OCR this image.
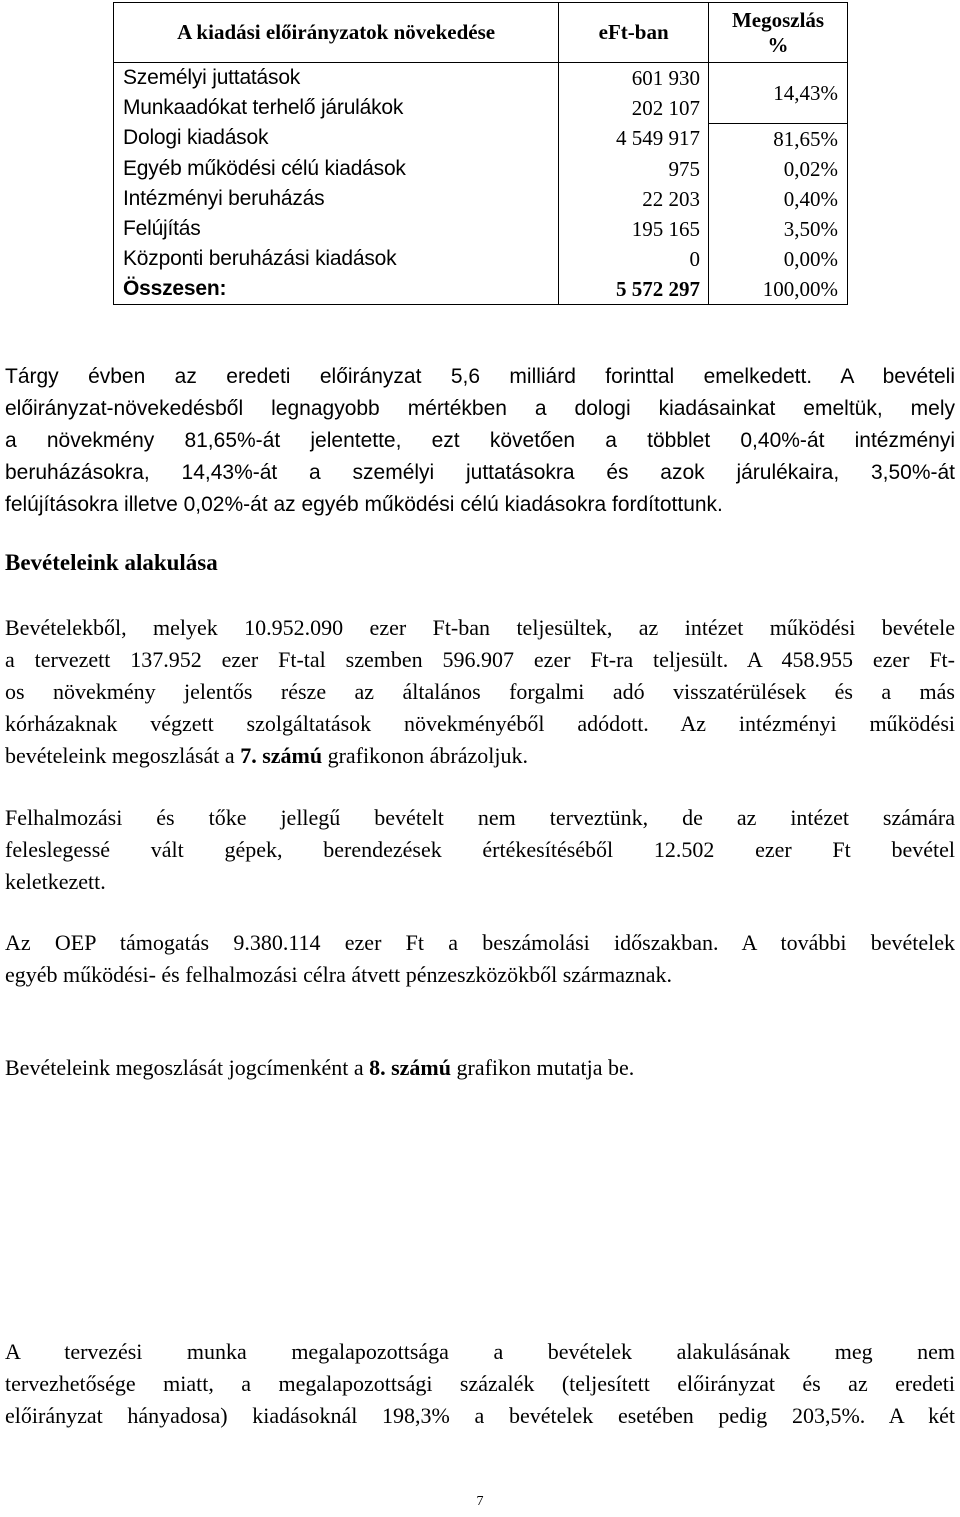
A kiadási előirányzatok növekedése	eFt-ban	Megoszlás %
Személyi juttatások	601 930	14,43%
Munkaadókat terhelő járulákok	202 107	
Dologi kiadások	4 549 917	81,65%
Egyéb működési célú kiadások	975	0,02%
Intézményi beruházás	22 203	0,40%
Felújítás	195 165	3,50%
Központi beruházási kiadások	0	0,00%
Összesen:	5 572 297	100,00%
Tárgy évben az eredeti előirányzat 5,6 milliárd forinttal emelkedett. A bevételi
előirányzat-növekedésből legnagyobb mértékben a dologi kiadásainkat emeltük, mely
a növekmény 81,65%-át jelentette, ezt követően a többlet 0,40%-át intézményi
beruházásokra, 14,43%-át a személyi juttatásokra és azok járulékaira, 3,50%-át
felújításokra illetve 0,02%-át az egyéb működési célú kiadásokra fordítottunk.
Bevételeink alakulása
Bevételekből, melyek 10.952.090 ezer Ft-ban teljesültek, az intézet működési bevétele
a tervezett 137.952 ezer Ft-tal szemben 596.907 ezer Ft-ra teljesült. A 458.955 ezer Ft-
os növekmény jelentős része az általános forgalmi adó visszatérülések és a más
kórházaknak végzett szolgáltatások növekményéből adódott. Az intézményi működési
bevételeink megoszlását a 7. számú grafikonon ábrázoljuk.
Felhalmozási és tőke jellegű bevételt nem terveztünk, de az intézet számára
feleslegessé vált gépek, berendezések értékesítéséből 12.502 ezer Ft bevétel
keletkezett.
Az OEP támogatás 9.380.114 ezer Ft a beszámolási időszakban. A további bevételek
egyéb működési- és felhalmozási célra átvett pénzeszközökből származnak.
Bevételeink megoszlását jogcímenként a 8. számú grafikon mutatja be.
A tervezési munka megalapozottsága a bevételek alakulásának meg nem
tervezhetősége miatt, a megalapozottsági százalék (teljesített előirányzat és az eredeti
előirányzat hányadosa) kiadásoknál 198,3% a bevételek esetében pedig 203,5%. A két
7
